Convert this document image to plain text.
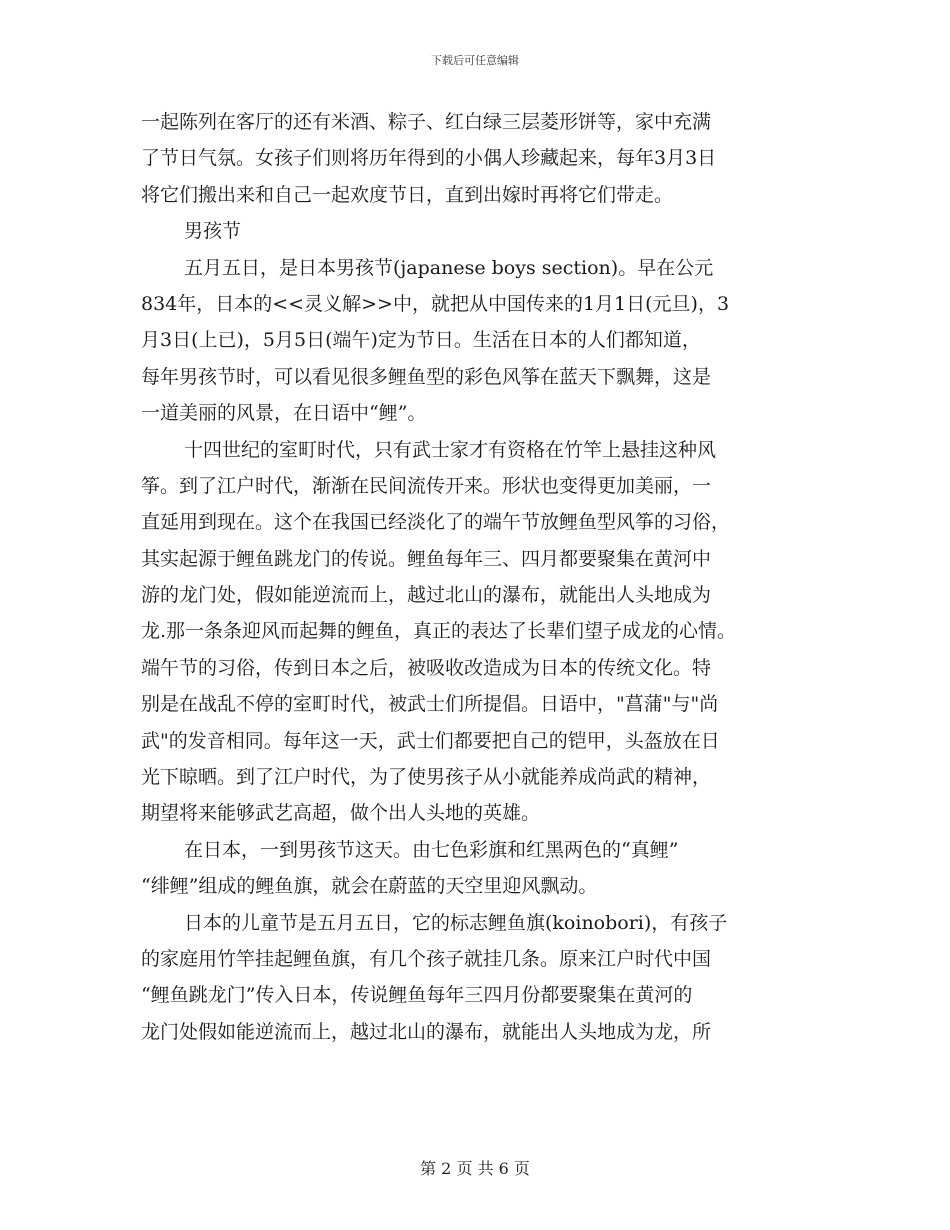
下载后可任意编辑
一起陈列在客厅的还有米酒、粽子、红白绿三层菱形饼等，家中充满
了节日气氛。女孩子们则将历年得到的小偶人珍藏起来，每年3月3日
将它们搬出来和自己一起欢度节日，直到出嫁时再将它们带走。
男孩节
五月五日，是日本男孩节(japanese boys section)。早在公元
834年，日本的<<灵义解>>中，就把从中国传来的1月1日(元旦)，3
月3日(上已)，5月5日(端午)定为节日。生活在日本的人们都知道，
每年男孩节时，可以看见很多鲤鱼型的彩色风筝在蓝天下飘舞，这是
一道美丽的风景，在日语中“鲤”。
十四世纪的室町时代，只有武士家才有资格在竹竿上悬挂这种风
筝。到了江户时代，渐渐在民间流传开来。形状也变得更加美丽，一
直延用到现在。这个在我国已经淡化了的端午节放鲤鱼型风筝的习俗，
其实起源于鲤鱼跳龙门的传说。鲤鱼每年三、四月都要聚集在黄河中
游的龙门处，假如能逆流而上，越过北山的瀑布，就能出人头地成为
龙.那一条条迎风而起舞的鲤鱼，真正的表达了长辈们望子成龙的心情。
端午节的习俗，传到日本之后，被吸收改造成为日本的传统文化。特
别是在战乱不停的室町时代，被武士们所提倡。日语中，"菖蒲"与"尚
武"的发音相同。每年这一天，武士们都要把自己的铠甲，头盔放在日
光下晾晒。到了江户时代，为了使男孩子从小就能养成尚武的精神，
期望将来能够武艺高超，做个出人头地的英雄。
在日本，一到男孩节这天。由七色彩旗和红黑两色的“真鲤”
“绯鲤”组成的鲤鱼旗，就会在蔚蓝的天空里迎风飘动。
日本的儿童节是五月五日，它的标志鲤鱼旗(koinobori)，有孩子
的家庭用竹竿挂起鲤鱼旗，有几个孩子就挂几条。原来江户时代中国
“鲤鱼跳龙门”传入日本，传说鲤鱼每年三四月份都要聚集在黄河的
龙门处假如能逆流而上，越过北山的瀑布，就能出人头地成为龙，所
第 2 页 共 6 页
